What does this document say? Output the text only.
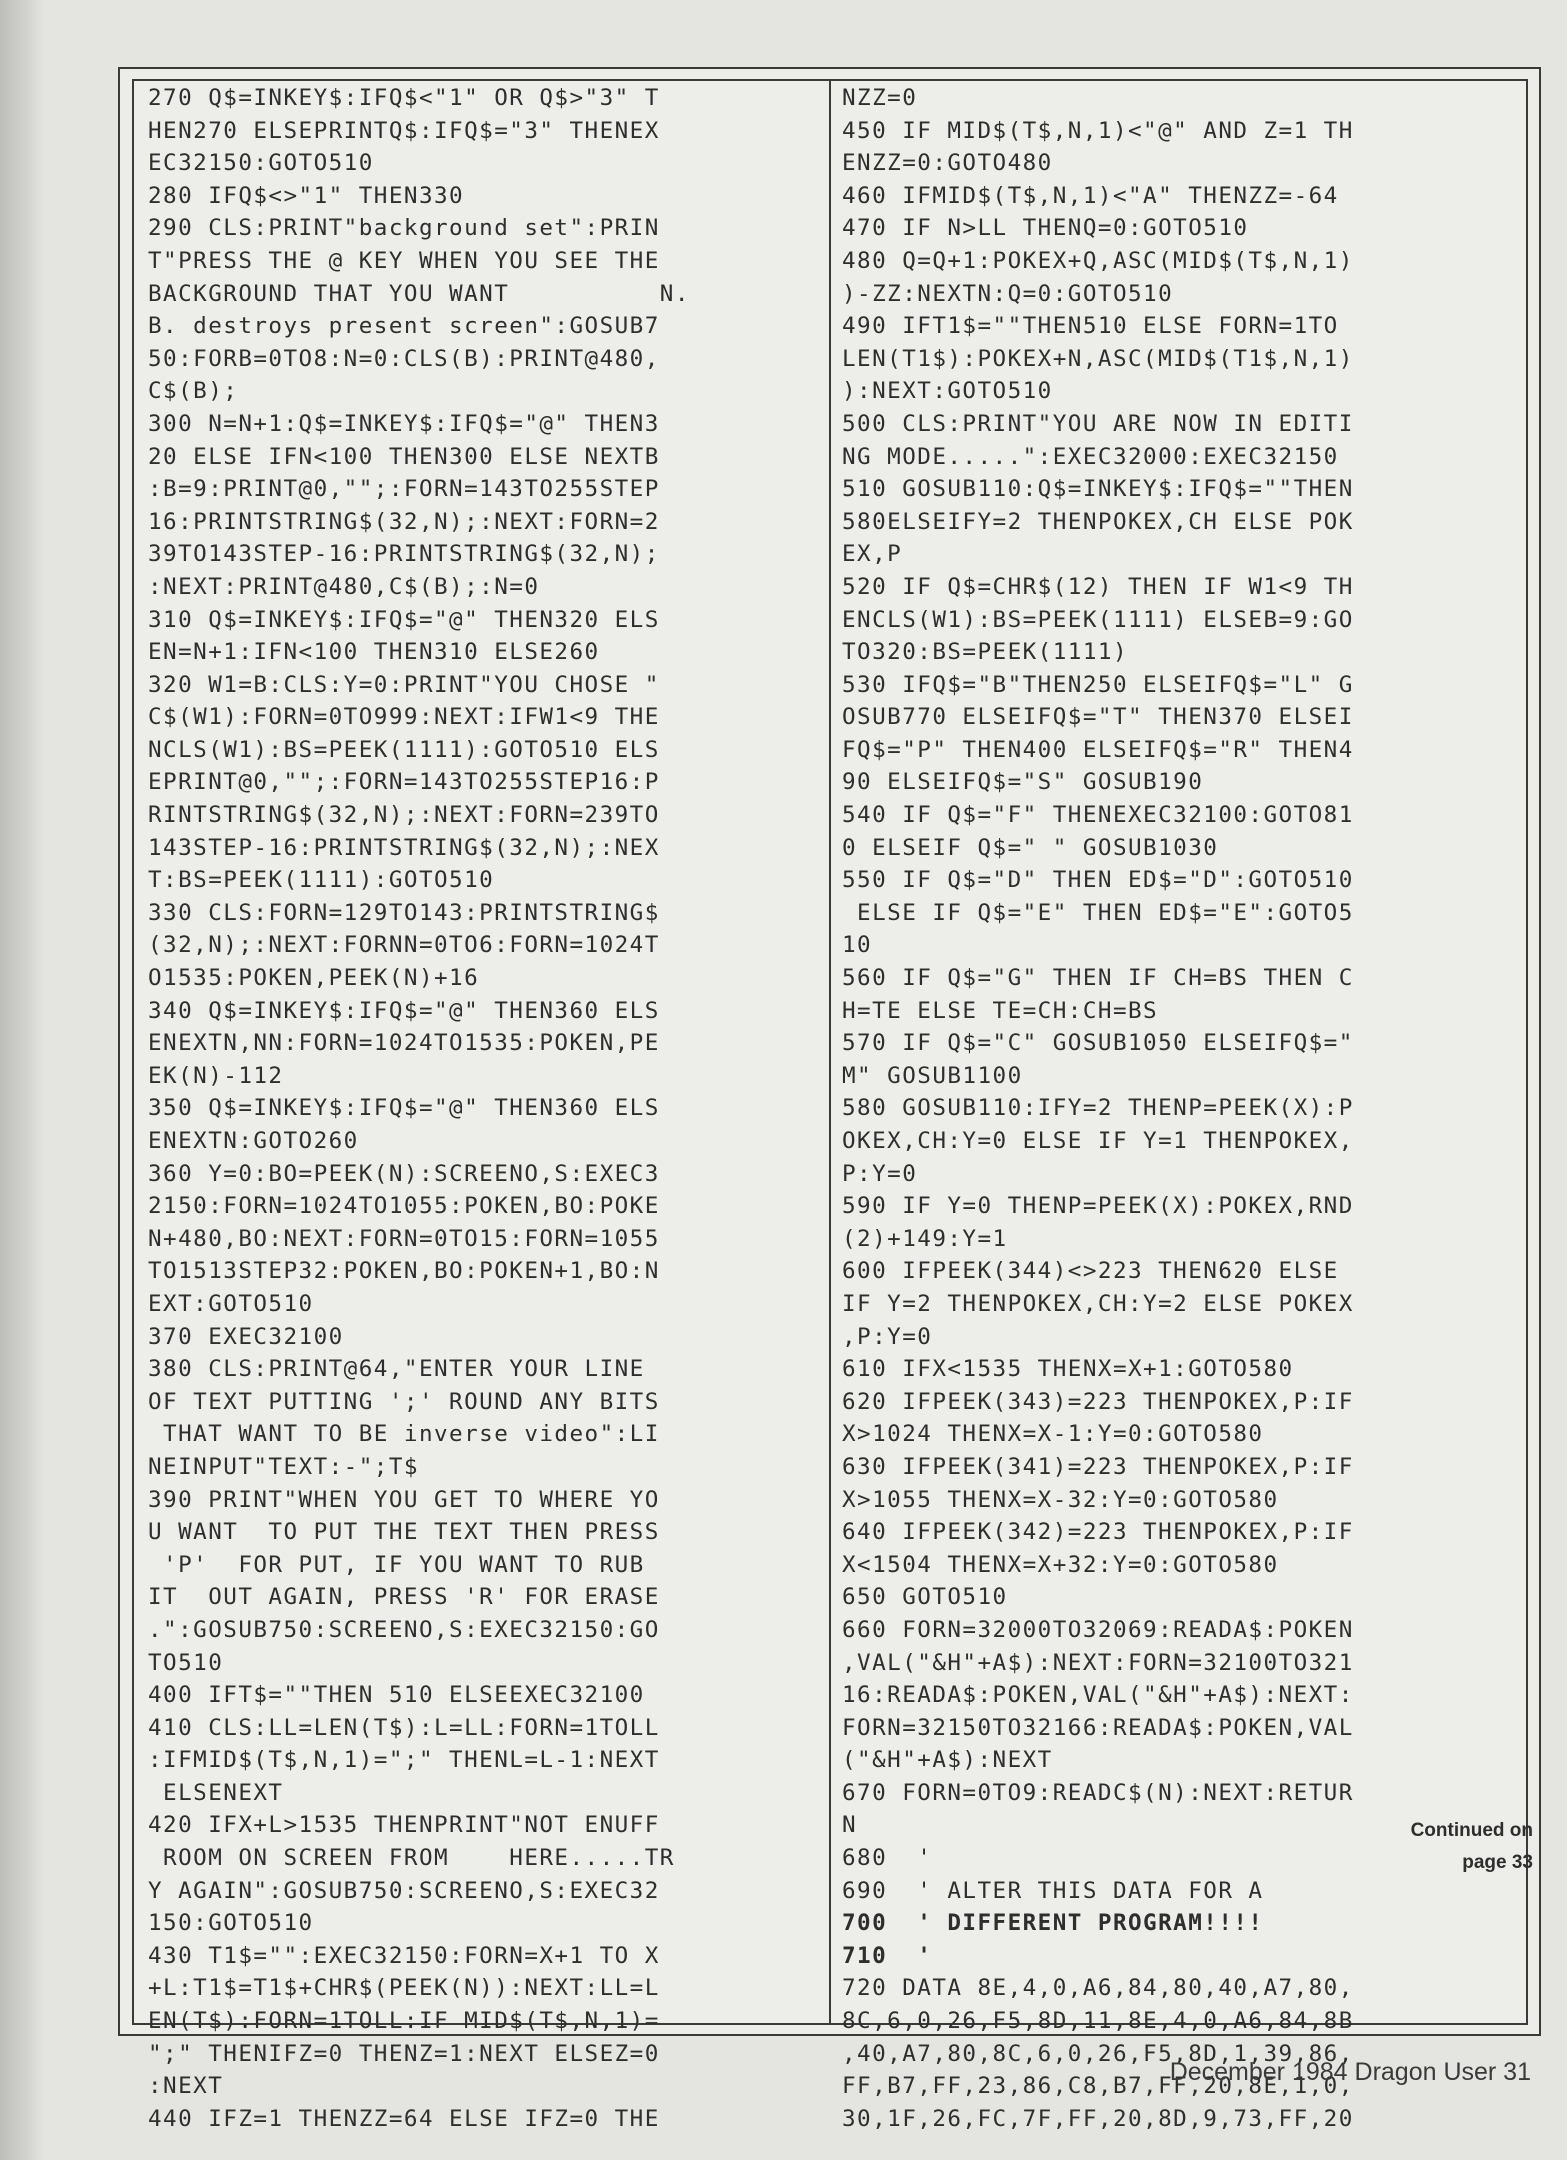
270 Q$=INKEY$:IFQ$<"1" OR Q$>"3" T
HEN270 ELSEPRINTQ$:IFQ$="3" THENEX
EC32150:GOTO510
280 IFQ$<>"1" THEN330
290 CLS:PRINT"background set":PRIN
T"PRESS THE @ KEY WHEN YOU SEE THE
BACKGROUND THAT YOU WANT          N.
B. destroys present screen":GOSUB7
50:FORB=0TO8:N=0:CLS(B):PRINT@480,
C$(B);
300 N=N+1:Q$=INKEY$:IFQ$="@" THEN3
20 ELSE IFN<100 THEN300 ELSE NEXTB
:B=9:PRINT@0,"";:FORN=143TO255STEP
16:PRINTSTRING$(32,N);:NEXT:FORN=2
39TO143STEP-16:PRINTSTRING$(32,N);
:NEXT:PRINT@480,C$(B);:N=0
310 Q$=INKEY$:IFQ$="@" THEN320 ELS
EN=N+1:IFN<100 THEN310 ELSE260
320 W1=B:CLS:Y=0:PRINT"YOU CHOSE "
C$(W1):FORN=0TO999:NEXT:IFW1<9 THE
NCLS(W1):BS=PEEK(1111):GOTO510 ELS
EPRINT@0,"";:FORN=143TO255STEP16:P
RINTSTRING$(32,N);:NEXT:FORN=239TO
143STEP-16:PRINTSTRING$(32,N);:NEX
T:BS=PEEK(1111):GOTO510
330 CLS:FORN=129TO143:PRINTSTRING$
(32,N);:NEXT:FORNN=0TO6:FORN=1024T
O1535:POKEN,PEEK(N)+16
340 Q$=INKEY$:IFQ$="@" THEN360 ELS
ENEXTN,NN:FORN=1024TO1535:POKEN,PE
EK(N)-112
350 Q$=INKEY$:IFQ$="@" THEN360 ELS
ENEXTN:GOTO260
360 Y=0:BO=PEEK(N):SCREENO,S:EXEC3
2150:FORN=1024TO1055:POKEN,BO:POKE
N+480,BO:NEXT:FORN=0TO15:FORN=1055
TO1513STEP32:POKEN,BO:POKEN+1,BO:N
EXT:GOTO510
370 EXEC32100
380 CLS:PRINT@64,"ENTER YOUR LINE
OF TEXT PUTTING ';' ROUND ANY BITS
THAT WANT TO BE inverse video":LI
NEINPUT"TEXT:-";T$
390 PRINT"WHEN YOU GET TO WHERE YO
U WANT  TO PUT THE TEXT THEN PRESS
'P'  FOR PUT, IF YOU WANT TO RUB
IT  OUT AGAIN, PRESS 'R' FOR ERASE
.":GOSUB750:SCREENO,S:EXEC32150:GO
TO510
400 IFT$=""THEN 510 ELSEEXEC32100
410 CLS:LL=LEN(T$):L=LL:FORN=1TOLL
:IFMID$(T$,N,1)=";" THENL=L-1:NEXT
ELSENEXT
420 IFX+L>1535 THENPRINT"NOT ENUFF
ROOM ON SCREEN FROM    HERE.....TR
Y AGAIN":GOSUB750:SCREENO,S:EXEC32
150:GOTO510
430 T1$="":EXEC32150:FORN=X+1 TO X
+L:T1$=T1$+CHR$(PEEK(N)):NEXT:LL=L
EN(T$):FORN=1TOLL:IF MID$(T$,N,1)=
";" THENIFZ=0 THENZ=1:NEXT ELSEZ=0
:NEXT
440 IFZ=1 THENZZ=64 ELSE IFZ=0 THE
NZZ=0
450 IF MID$(T$,N,1)<"@" AND Z=1 TH
ENZZ=0:GOTO480
460 IFMID$(T$,N,1)<"A" THENZZ=-64
470 IF N>LL THENQ=0:GOTO510
480 Q=Q+1:POKEX+Q,ASC(MID$(T$,N,1)
)-ZZ:NEXTN:Q=0:GOTO510
490 IFT1$=""THEN510 ELSE FORN=1TO
LEN(T1$):POKEX+N,ASC(MID$(T1$,N,1)
):NEXT:GOTO510
500 CLS:PRINT"YOU ARE NOW IN EDITI
NG MODE.....":EXEC32000:EXEC32150
510 GOSUB110:Q$=INKEY$:IFQ$=""THEN
580ELSEIFY=2 THENPOKEX,CH ELSE POK
EX,P
520 IF Q$=CHR$(12) THEN IF W1<9 TH
ENCLS(W1):BS=PEEK(1111) ELSEB=9:GO
TO320:BS=PEEK(1111)
530 IFQ$="B"THEN250 ELSEIFQ$="L" G
OSUB770 ELSEIFQ$="T" THEN370 ELSEI
FQ$="P" THEN400 ELSEIFQ$="R" THEN4
90 ELSEIFQ$="S" GOSUB190
540 IF Q$="F" THENEXEC32100:GOTO81
0 ELSEIF Q$=" " GOSUB1030
550 IF Q$="D" THEN ED$="D":GOTO510
ELSE IF Q$="E" THEN ED$="E":GOTO5
10
560 IF Q$="G" THEN IF CH=BS THEN C
H=TE ELSE TE=CH:CH=BS
570 IF Q$="C" GOSUB1050 ELSEIFQ$="
M" GOSUB1100
580 GOSUB110:IFY=2 THENP=PEEK(X):P
OKEX,CH:Y=0 ELSE IF Y=1 THENPOKEX,
P:Y=0
590 IF Y=0 THENP=PEEK(X):POKEX,RND
(2)+149:Y=1
600 IFPEEK(344)<>223 THEN620 ELSE
IF Y=2 THENPOKEX,CH:Y=2 ELSE POKEX
,P:Y=0
610 IFX<1535 THENX=X+1:GOTO580
620 IFPEEK(343)=223 THENPOKEX,P:IF
X>1024 THENX=X-1:Y=0:GOTO580
630 IFPEEK(341)=223 THENPOKEX,P:IF
X>1055 THENX=X-32:Y=0:GOTO580
640 IFPEEK(342)=223 THENPOKEX,P:IF
X<1504 THENX=X+32:Y=0:GOTO580
650 GOTO510
660 FORN=32000TO32069:READA$:POKEN
,VAL("&H"+A$):NEXT:FORN=32100TO321
16:READA$:POKEN,VAL("&H"+A$):NEXT:
FORN=32150TO32166:READA$:POKEN,VAL
("&H"+A$):NEXT
670 FORN=0TO9:READC$(N):NEXT:RETUR
N
680  '
690  ' ALTER THIS DATA FOR A
700  ' DIFFERENT PROGRAM!!!!
710  '
720 DATA 8E,4,0,A6,84,80,40,A7,80,
8C,6,0,26,F5,8D,11,8E,4,0,A6,84,8B
,40,A7,80,8C,6,0,26,F5,8D,1,39,86,
FF,B7,FF,23,86,C8,B7,FF,20,8E,1,0,
30,1F,26,FC,7F,FF,20,8D,9,73,FF,20
Continued on
page 33
December 1984 Dragon User 31
